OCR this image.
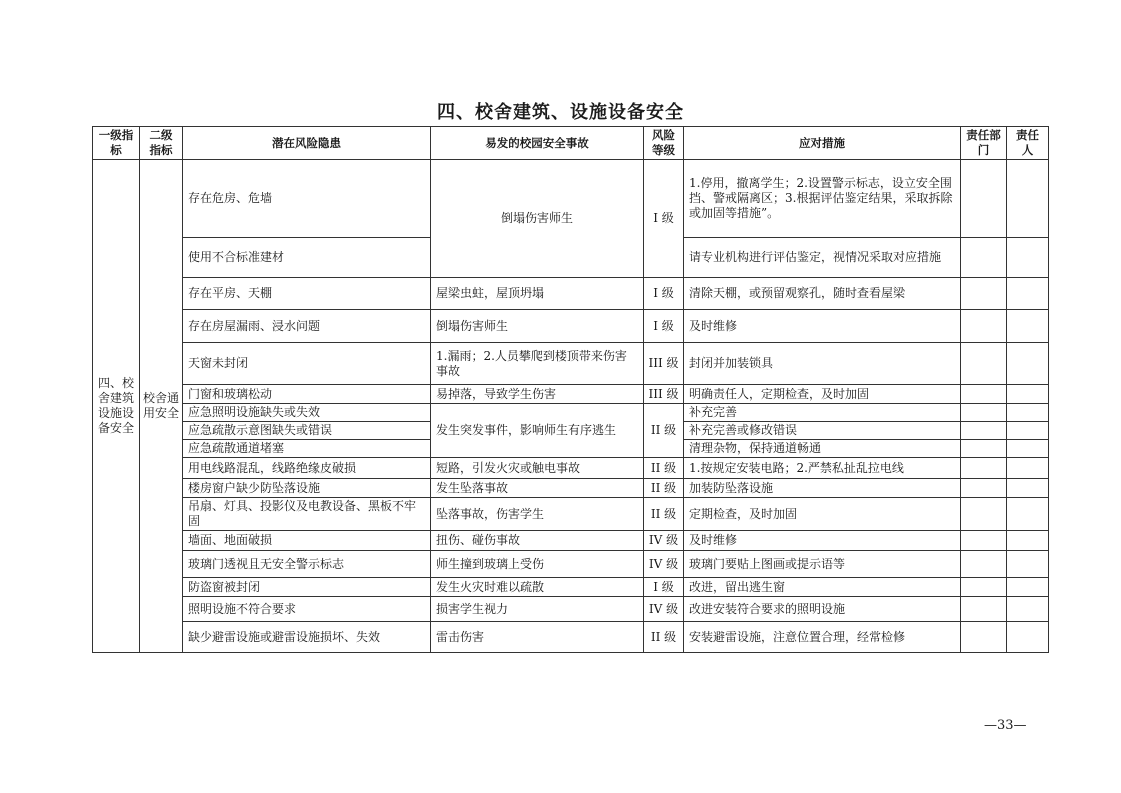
四、校舍建筑、设施设备安全
一级指标	二级指标	潜在风险隐患	易发的校园安全事故	风险等级	应对措施	责任部门	责任人
四、校舍建筑设施设备安全	校舍通用安全	存在危房、危墙	倒塌伤害师生	I 级	1.停用，撤离学生；2.设置警示标志，设立安全围挡、警戒隔离区；3.根据评估鉴定结果，采取拆除或加固等措施”。		
		使用不合标准建材			请专业机构进行评估鉴定，视情况采取对应措施		
		存在平房、天棚	屋梁虫蛀，屋顶坍塌	I 级	清除天棚，或预留观察孔，随时查看屋梁		
		存在房屋漏雨、浸水问题	倒塌伤害师生	I 级	及时维修		
		天窗未封闭	1.漏雨；2.人员攀爬到楼顶带来伤害事故	III 级	封闭并加装锁具		
		门窗和玻璃松动	易掉落，导致学生伤害	III 级	明确责任人，定期检查，及时加固		
		应急照明设施缺失或失效	发生突发事件，影响师生有序逃生	II 级	补充完善		
		应急疏散示意图缺失或错误			补充完善或修改错误		
		应急疏散通道堵塞			清理杂物，保持通道畅通		
		用电线路混乱，线路绝缘皮破损	短路，引发火灾或触电事故	II 级	1.按规定安装电路；2.严禁私扯乱拉电线		
		楼房窗户缺少防坠落设施	发生坠落事故	II 级	加装防坠落设施		
		吊扇、灯具、投影仪及电教设备、黑板不牢固	坠落事故，伤害学生	II 级	定期检查，及时加固		
		墙面、地面破损	扭伤、碰伤事故	IV 级	及时维修		
		玻璃门透视且无安全警示标志	师生撞到玻璃上受伤	IV 级	玻璃门要贴上图画或提示语等		
		防盗窗被封闭	发生火灾时难以疏散	I 级	改进，留出逃生窗		
		照明设施不符合要求	损害学生视力	IV 级	改进安装符合要求的照明设施		
		缺少避雷设施或避雷设施损坏、失效	雷击伤害	II 级	安装避雷设施，注意位置合理，经常检修		
—33—
